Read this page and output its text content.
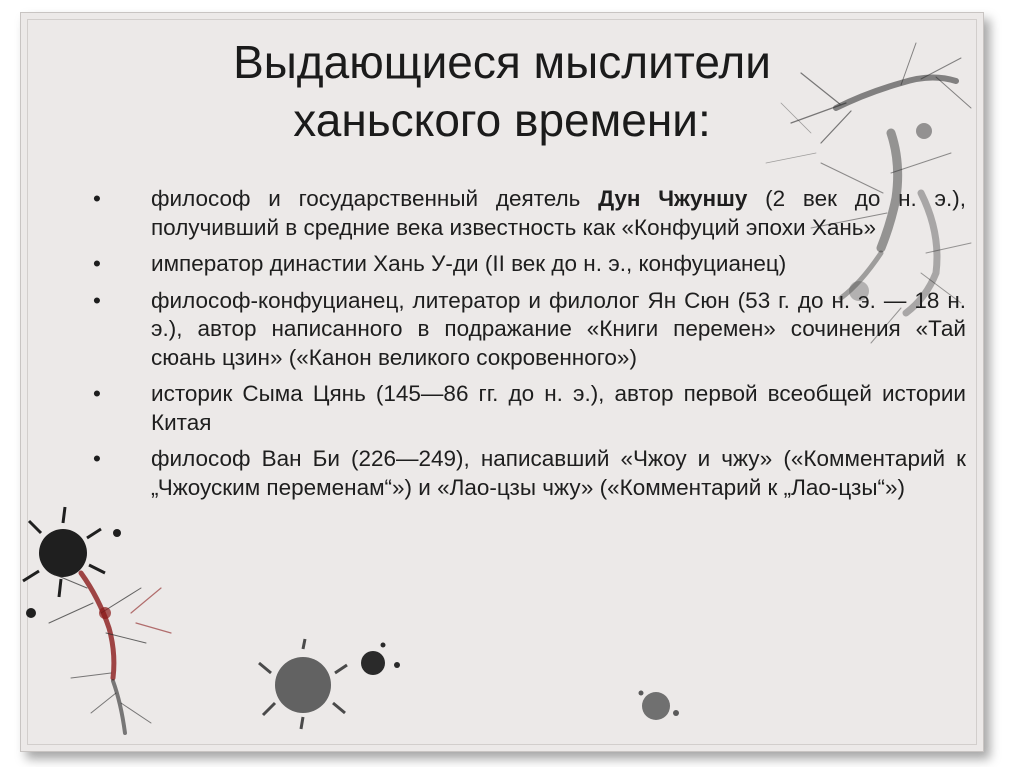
Выдающиеся мыслители
ханьского времени:
•	философ и государственный деятель Дун Чжуншу (2 век до н. э.), получивший в средние века известность как «Конфуций эпохи Хань»
•	император династии Хань У-ди (II век до н. э., конфуцианец)
•	философ-конфуцианец, литератор и филолог Ян Сюн (53 г. до н. э. — 18 н. э.), автор написанного в подражание «Книги перемен» сочинения «Тай сюань цзин» («Канон великого сокровенного»)
•	историк Сыма Цянь (145—86 гг. до н. э.), автор первой всеобщей истории Китая
•	философ Ван Би (226—249), написавший «Чжоу и чжу» («Комментарий к „Чжоуским переменам“») и «Лао-цзы чжу» («Комментарий к „Лао-цзы“»)
